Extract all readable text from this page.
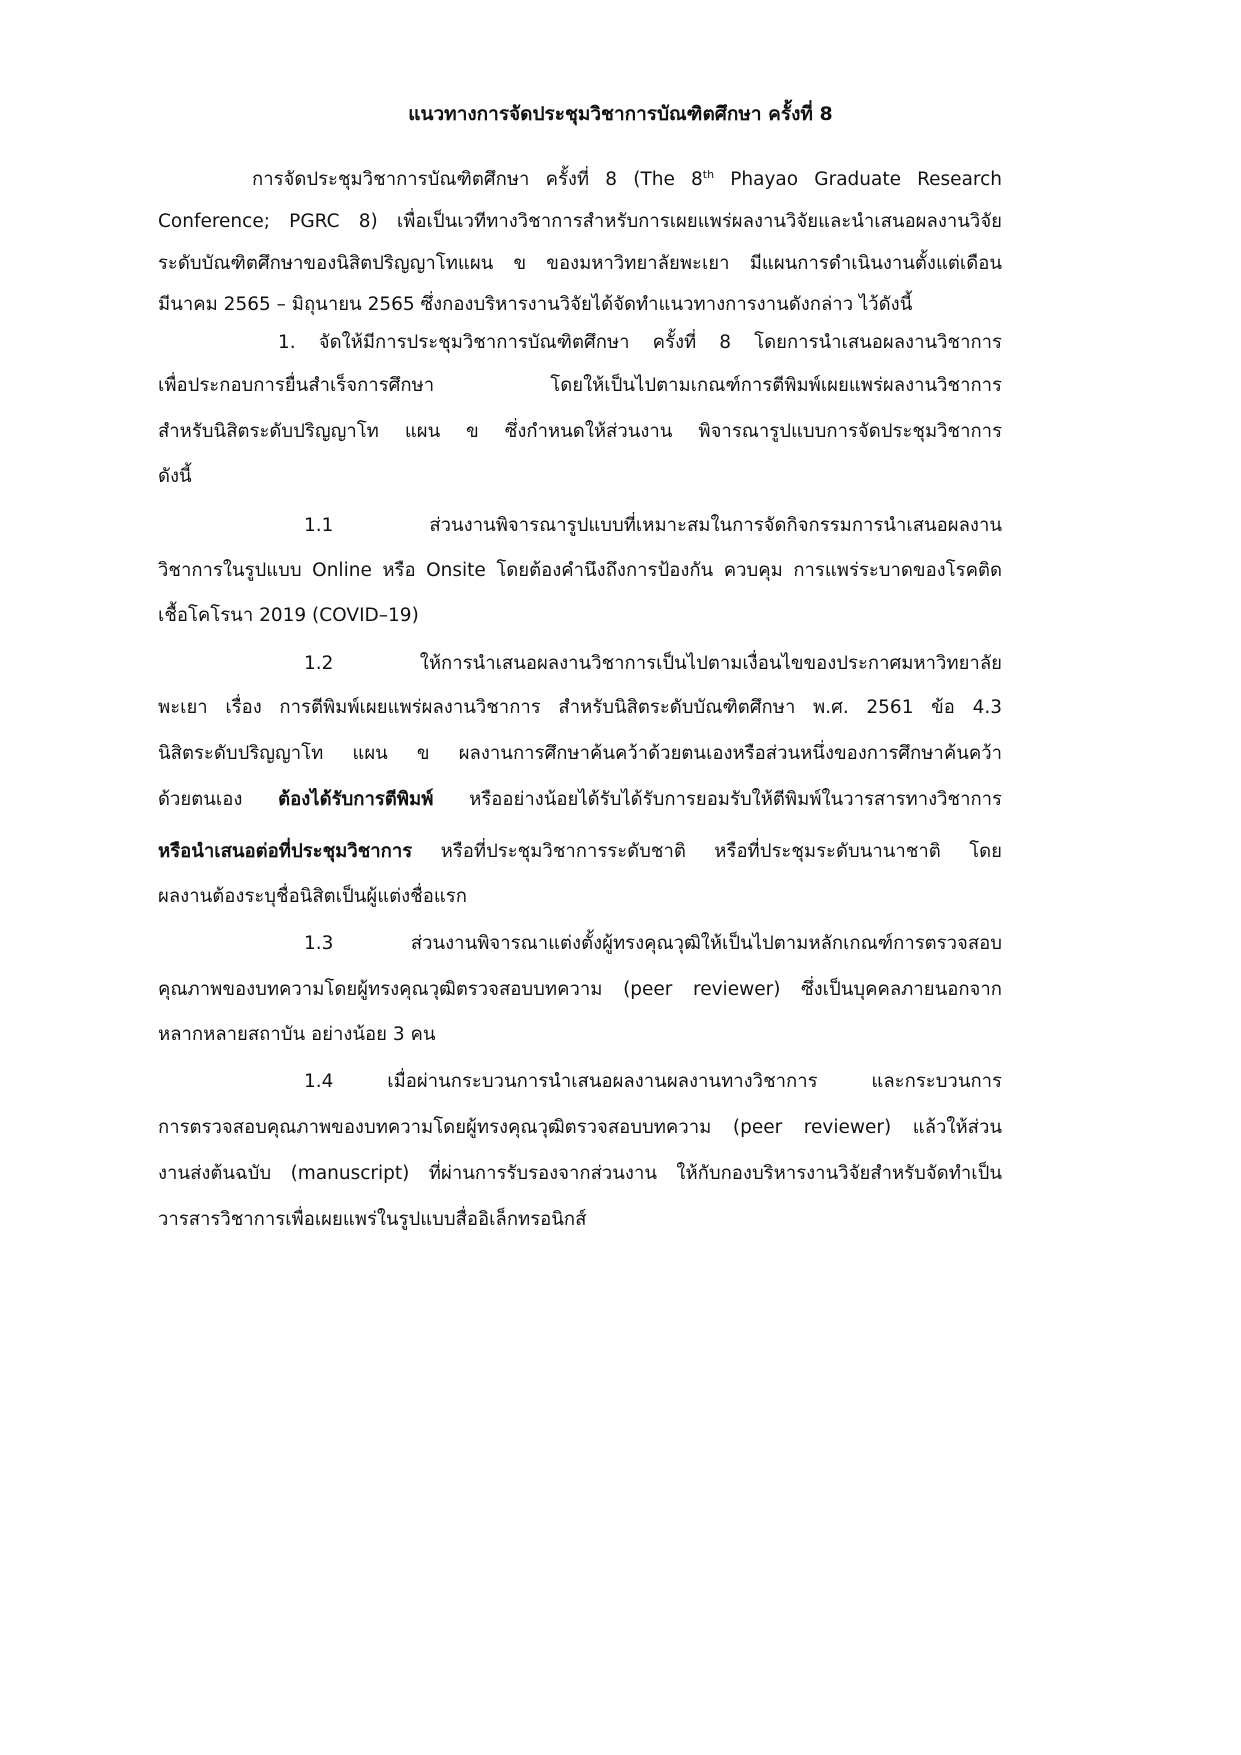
แนวทางการจัดประชุมวิชาการบัณฑิตศึกษา ครั้งที่ 8

การจัดประชุมวิชาการบัณฑิตศึกษา ครั้งที่ 8 (The 8th Phayao Graduate Research

Conference; PGRC 8) เพื่อเป็นเวทีทางวิชาการสำหรับการเผยแพร่ผลงานวิจัยและนำเสนอผลงานวิจัย

ระดับบัณฑิตศึกษาของนิสิตปริญญาโทแผน ข ของมหาวิทยาลัยพะเยา มีแผนการดำเนินงานตั้งแต่เดือน

มีนาคม 2565 – มิถุนายน 2565 ซึ่งกองบริหารงานวิจัยได้จัดทำแนวทางการงานดังกล่าว ไว้ดังนี้

1. จัดให้มีการประชุมวิชาการบัณฑิตศึกษา ครั้งที่ 8 โดยการนำเสนอผลงานวิชาการ

เพื่อประกอบการยื่นสำเร็จการศึกษา โดยให้เป็นไปตามเกณฑ์การตีพิมพ์เผยแพร่ผลงานวิชาการ

สำหรับนิสิตระดับปริญญาโท แผน ข ซึ่งกำหนดให้ส่วนงาน พิจารณารูปแบบการจัดประชุมวิชาการ

ดังนี้

1.1 ส่วนงานพิจารณารูปแบบที่เหมาะสมในการจัดกิจกรรมการนำเสนอผลงาน

วิชาการในรูปแบบ Online หรือ Onsite โดยต้องคำนึงถึงการป้องกัน ควบคุม การแพร่ระบาดของโรคติด

เชื้อโคโรนา 2019 (COVID–19)

1.2 ให้การนำเสนอผลงานวิชาการเป็นไปตามเงื่อนไขของประกาศมหาวิทยาลัย

พะเยา เรื่อง การตีพิมพ์เผยแพร่ผลงานวิชาการ สำหรับนิสิตระดับบัณฑิตศึกษา พ.ศ. 2561 ข้อ 4.3

นิสิตระดับปริญญาโท แผน ข ผลงานการศึกษาค้นคว้าด้วยตนเองหรือส่วนหนึ่งของการศึกษาค้นคว้า

ด้วยตนเอง ต้องได้รับการตีพิมพ์ หรืออย่างน้อยได้รับได้รับการยอมรับให้ตีพิมพ์ในวารสารทางวิชาการ

หรือนำเสนอต่อที่ประชุมวิชาการ หรือที่ประชุมวิชาการระดับชาติ หรือที่ประชุมระดับนานาชาติ โดย

ผลงานต้องระบุชื่อนิสิตเป็นผู้แต่งชื่อแรก

1.3 ส่วนงานพิจารณาแต่งตั้งผู้ทรงคุณวุฒิให้เป็นไปตามหลักเกณฑ์การตรวจสอบ

คุณภาพของบทความโดยผู้ทรงคุณวุฒิตรวจสอบบทความ (peer reviewer) ซึ่งเป็นบุคคลภายนอกจาก

หลากหลายสถาบัน อย่างน้อย 3 คน

1.4 เมื่อผ่านกระบวนการนำเสนอผลงานผลงานทางวิชาการ และกระบวนการ

การตรวจสอบคุณภาพของบทความโดยผู้ทรงคุณวุฒิตรวจสอบบทความ (peer reviewer) แล้วให้ส่วน

งานส่งต้นฉบับ (manuscript) ที่ผ่านการรับรองจากส่วนงาน ให้กับกองบริหารงานวิจัยสำหรับจัดทำเป็น

วารสารวิชาการเพื่อเผยแพร่ในรูปแบบสื่ออิเล็กทรอนิกส์
